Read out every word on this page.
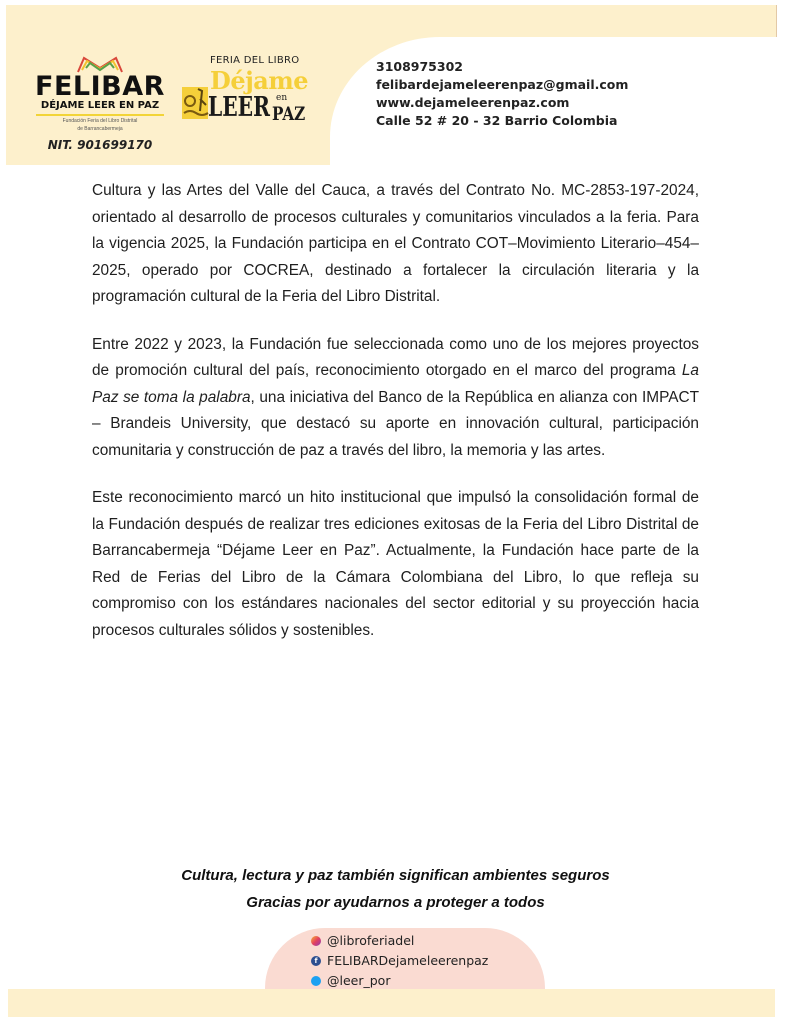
FELIBAR
DÉJAME LEER EN PAZ
Fundación Feria del Libro Distrital
de Barrancabermeja
NIT. 901699170
FERIA DEL LIBRO
Déjame
LEER en
PAZ
3108975302
felibardejameleerenpaz@gmail.com
www.dejameleerenpaz.com
Calle 52 # 20 - 32 Barrio Colombia

Cultura y las Artes del Valle del Cauca, a través del Contrato No. MC-2853-197-2024, orientado al desarrollo de procesos culturales y comunitarios vinculados a la feria. Para la vigencia 2025, la Fundación participa en el Contrato COT–Movimiento Literario–454–2025, operado por COCREA, destinado a fortalecer la circulación literaria y la programación cultural de la Feria del Libro Distrital.

Entre 2022 y 2023, la Fundación fue seleccionada como uno de los mejores proyectos de promoción cultural del país, reconocimiento otorgado en el marco del programa La Paz se toma la palabra, una iniciativa del Banco de la República en alianza con IMPACT – Brandeis University, que destacó su aporte en innovación cultural, participación comunitaria y construcción de paz a través del libro, la memoria y las artes.

Este reconocimiento marcó un hito institucional que impulsó la consolidación formal de la Fundación después de realizar tres ediciones exitosas de la Feria del Libro Distrital de Barrancabermeja “Déjame Leer en Paz”. Actualmente, la Fundación hace parte de la Red de Ferias del Libro de la Cámara Colombiana del Libro, lo que refleja su compromiso con los estándares nacionales del sector editorial y su proyección hacia procesos culturales sólidos y sostenibles.

Cultura, lectura y paz también significan ambientes seguros
Gracias por ayudarnos a proteger a todos
@libroferiadel
f FELIBARDejameleerenpaz
@leer_por
